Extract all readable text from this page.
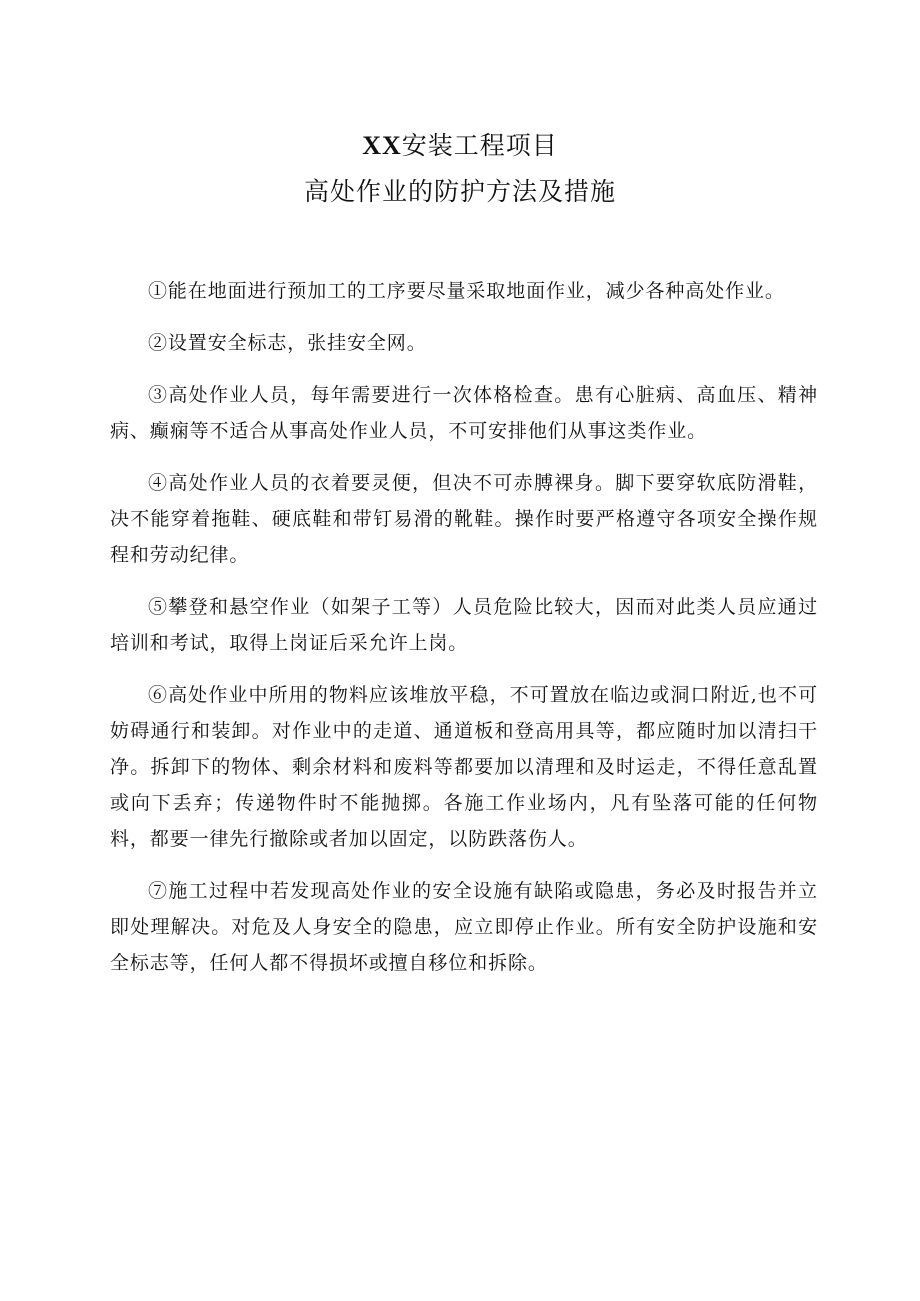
XX安装工程项目
高处作业的防护方法及措施

①能在地面进行预加工的工序要尽量采取地面作业，减少各种高处作业。

②设置安全标志，张挂安全网。

③高处作业人员，每年需要进行一次体格检查。患有心脏病、高血压、精神病、癫痫等不适合从事高处作业人员，不可安排他们从事这类作业。

④高处作业人员的衣着要灵便，但决不可赤膊裸身。脚下要穿软底防滑鞋，决不能穿着拖鞋、硬底鞋和带钉易滑的靴鞋。操作时要严格遵守各项安全操作规程和劳动纪律。

⑤攀登和悬空作业（如架子工等）人员危险比较大，因而对此类人员应通过培训和考试，取得上岗证后采允许上岗。

⑥高处作业中所用的物料应该堆放平稳，不可置放在临边或洞口附近,也不可妨碍通行和装卸。对作业中的走道、通道板和登高用具等，都应随时加以清扫干净。拆卸下的物体、剩余材料和废料等都要加以清理和及时运走，不得任意乱置或向下丢弃；传递物件时不能抛掷。各施工作业场内，凡有坠落可能的任何物料，都要一律先行撤除或者加以固定，以防跌落伤人。

⑦施工过程中若发现高处作业的安全设施有缺陷或隐患，务必及时报告并立即处理解决。对危及人身安全的隐患，应立即停止作业。所有安全防护设施和安全标志等，任何人都不得损坏或擅自移位和拆除。
